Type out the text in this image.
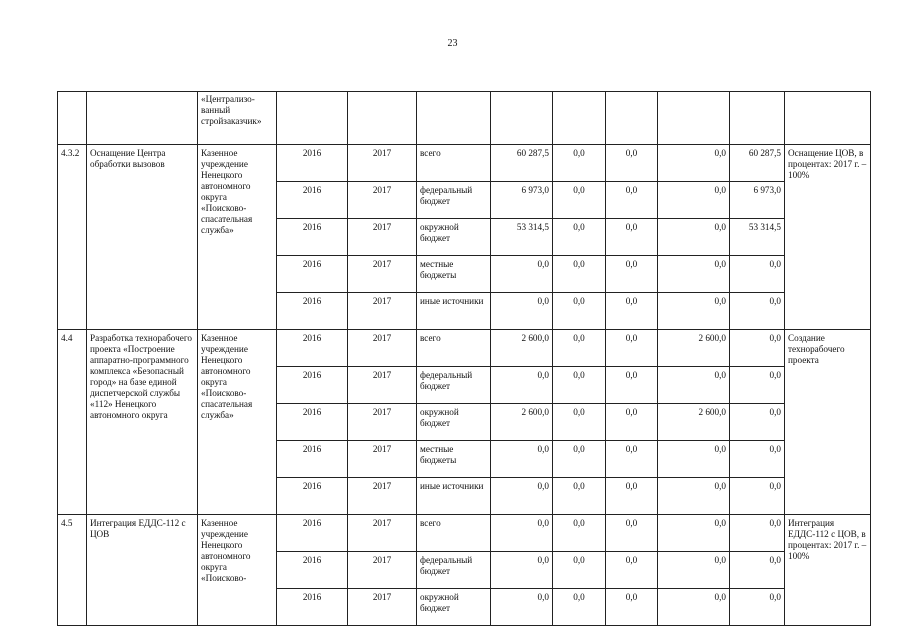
23
		«Централизо-ванный стройзаказчик»									
4.3.2	Оснащение Центра обработки вызовов	Казенное учреждение Ненецкого автономного округа «Поисково-спасательная служба»	2016	2017	всего	60 287,5	0,0	0,0	0,0	60 287,5	Оснащение ЦОВ, в процентах: 2017 г. – 100%
			2016	2017	федеральный бюджет	6 973,0	0,0	0,0	0,0	6 973,0	
			2016	2017	окружной бюджет	53 314,5	0,0	0,0	0,0	53 314,5	
			2016	2017	местные бюджеты	0,0	0,0	0,0	0,0	0,0	
			2016	2017	иные источники	0,0	0,0	0,0	0,0	0,0	
4.4	Разработка технорабочего проекта «Построение аппаратно-программного комплекса «Безопасный город» на базе единой диспетчерской службы «112» Ненецкого автономного округа	Казенное учреждение Ненецкого автономного округа «Поисково-спасательная служба»	2016	2017	всего	2 600,0	0,0	0,0	2 600,0	0,0	Создание технорабочего проекта
			2016	2017	федеральный бюджет	0,0	0,0	0,0	0,0	0,0	
			2016	2017	окружной бюджет	2 600,0	0,0	0,0	2 600,0	0,0	
			2016	2017	местные бюджеты	0,0	0,0	0,0	0,0	0,0	
			2016	2017	иные источники	0,0	0,0	0,0	0,0	0,0	
4.5	Интеграция ЕДДС-112 с ЦОВ	Казенное учреждение Ненецкого автономного округа «Поисково-	2016	2017	всего	0,0	0,0	0,0	0,0	0,0	Интеграция ЕДДС-112 с ЦОВ, в процентах: 2017 г. – 100%
			2016	2017	федеральный бюджет	0,0	0,0	0,0	0,0	0,0	
			2016	2017	окружной бюджет	0,0	0,0	0,0	0,0	0,0	
